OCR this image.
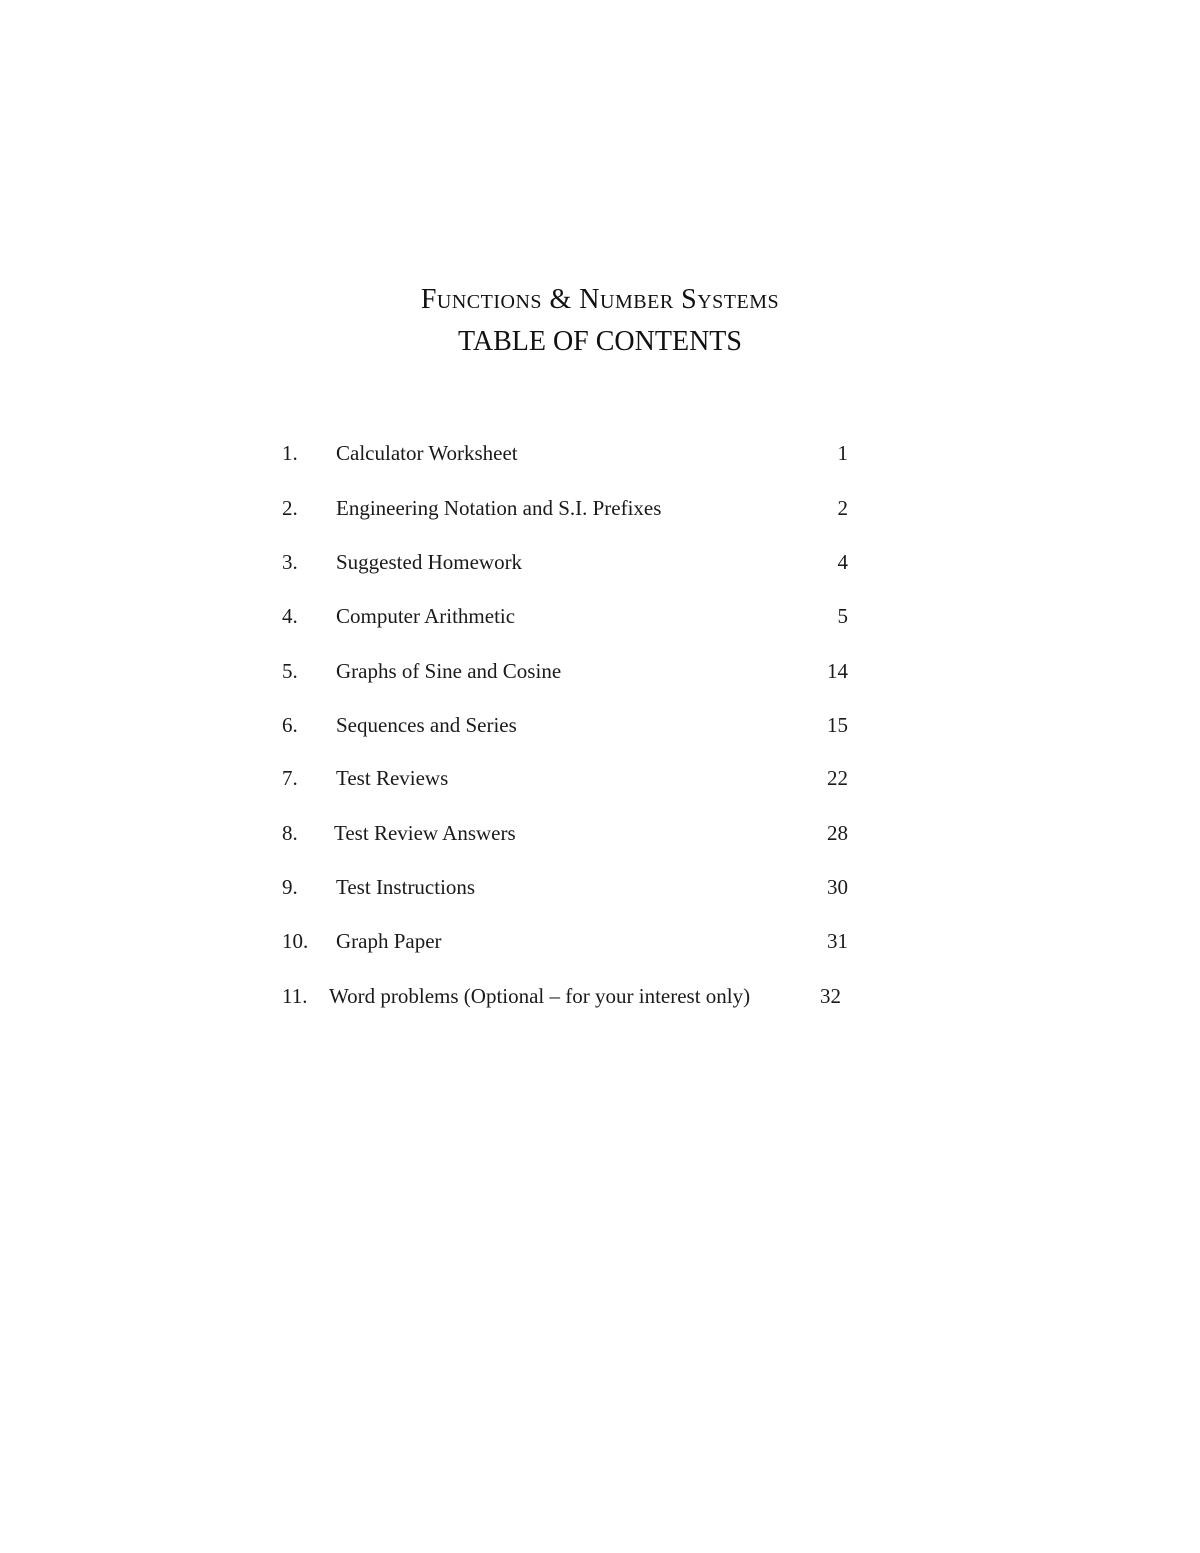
Functions & Number Systems
TABLE OF CONTENTS
1. Calculator Worksheet	1
2. Engineering Notation and S.I. Prefixes	2
3. Suggested Homework	4
4. Computer Arithmetic	5
5. Graphs of Sine and Cosine	14
6. Sequences and Series	15
7. Test Reviews	22
8. Test Review Answers	28
9. Test Instructions	30
10. Graph Paper	31
11. Word problems (Optional – for your interest only)	32
